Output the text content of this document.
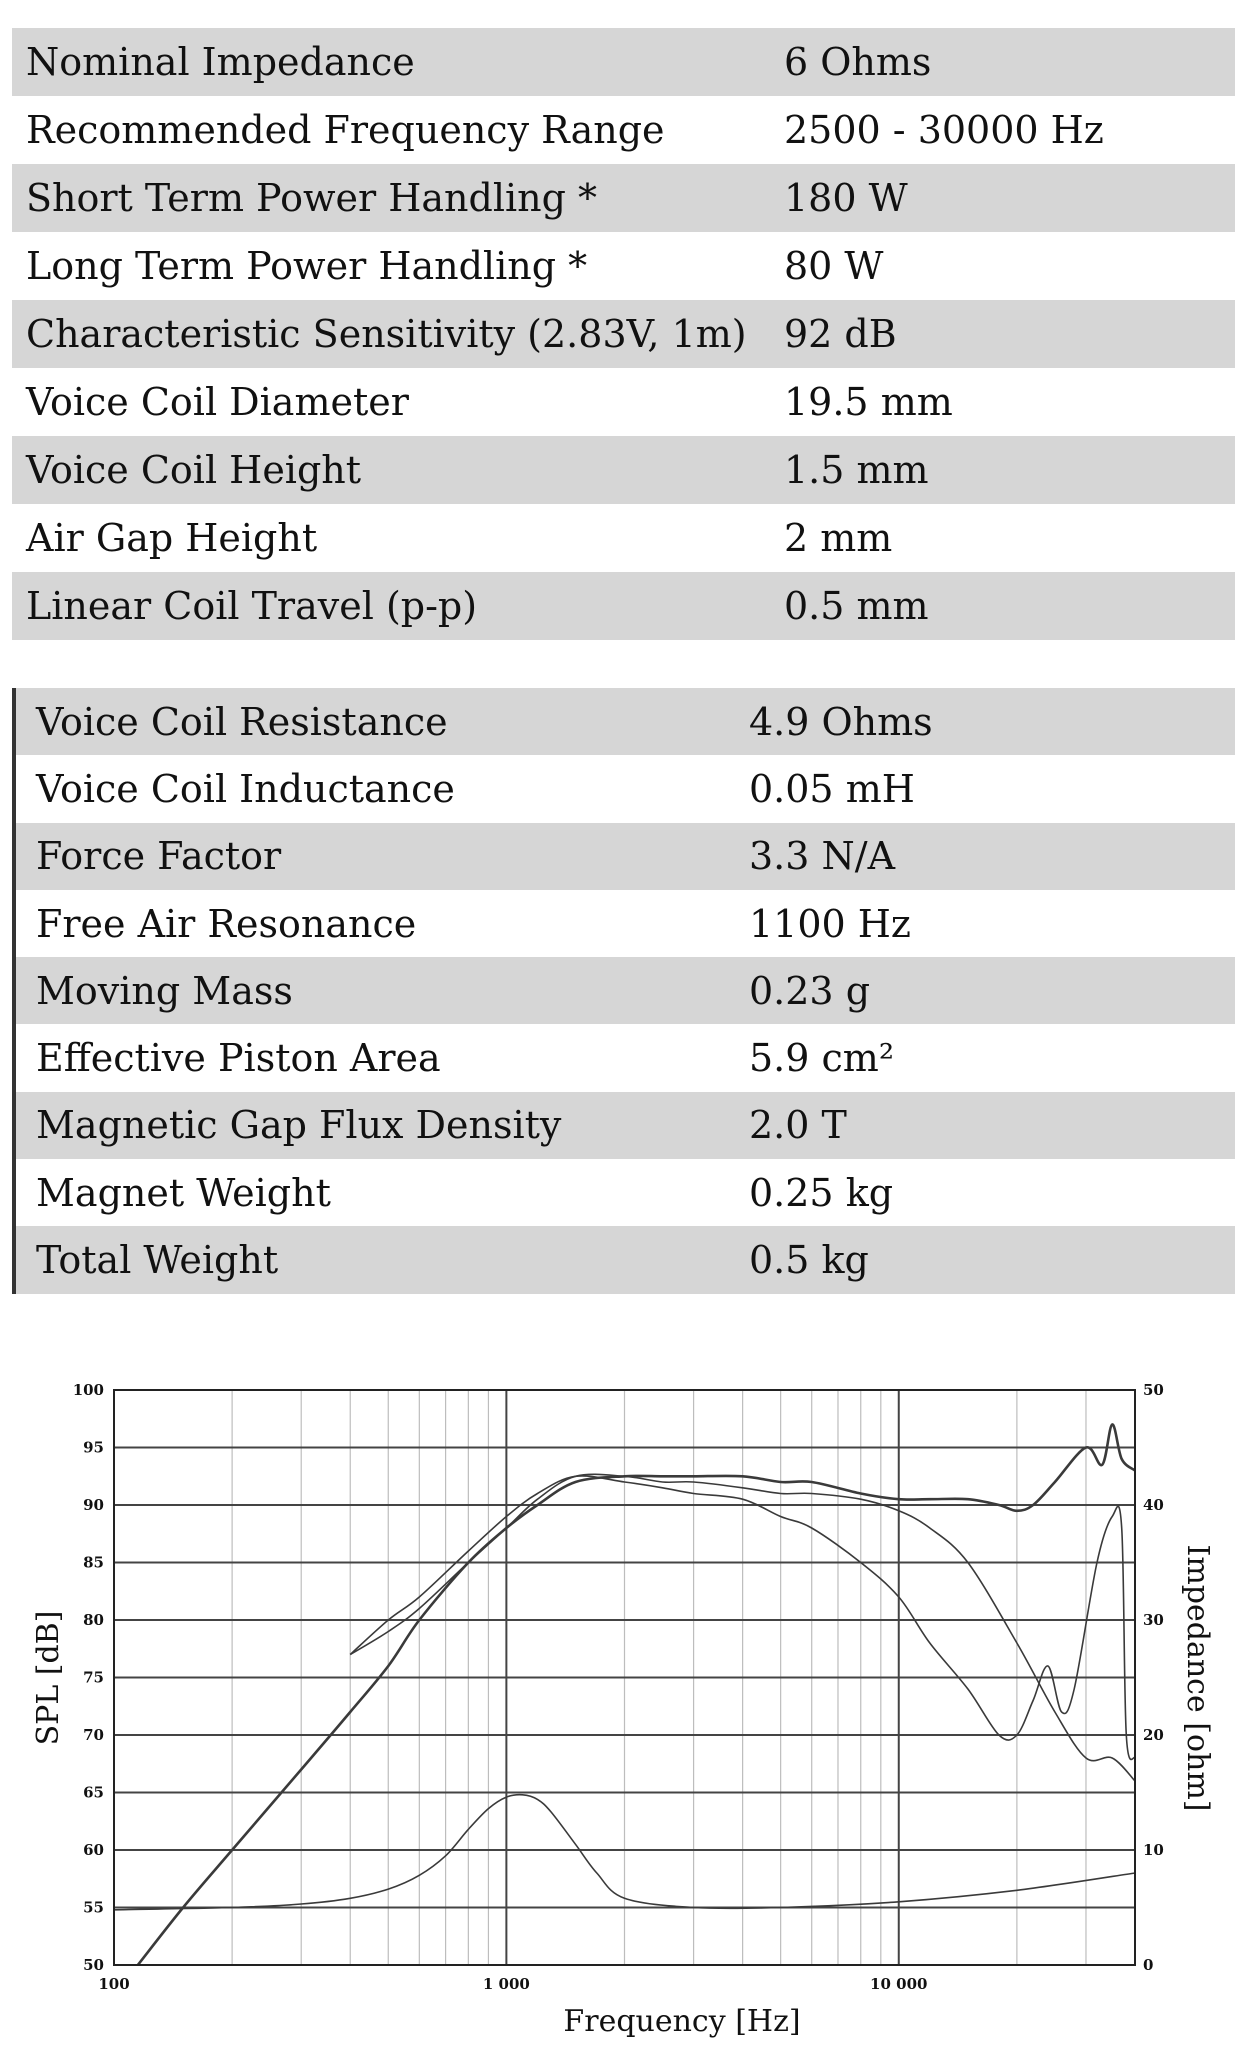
Nominal Impedance	6 Ohms
Recommended Frequency Range	2500 - 30000 Hz
Short Term Power Handling *	180 W
Long Term Power Handling *	80 W
Characteristic Sensitivity (2.83V, 1m) 92 dB
Voice Coil Diameter	19.5 mm
Voice Coil Height	1.5 mm
Air Gap Height	2 mm
Linear Coil Travel (p-p)	0.5 mm
Voice Coil Resistance	4.9 Ohms
Voice Coil Inductance	0.05 mH
Force Factor	3.3 N/A
Free Air Resonance	1100 Hz
Moving Mass	0.23 g
Effective Piston Area	5.9 cm²
Magnetic Gap Flux Density	2.0 T
Magnet Weight	0.25 kg
Total Weight	0.5 kg
100	1 000	10 000
50
55
60
65
70
75
80
85
90
95
100
0
10
20
30
40
50
Frequency [Hz]
SPL [dB]	Impedance [ohm]
